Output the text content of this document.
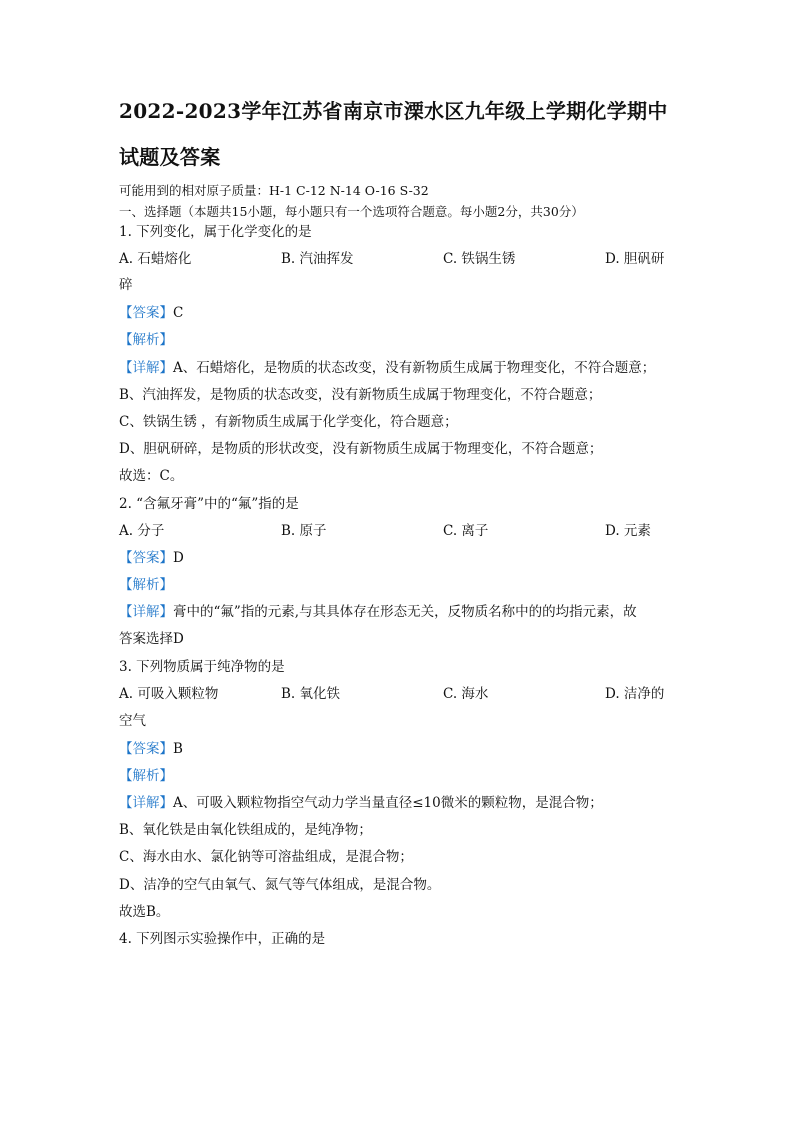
2022-2023学年江苏省南京市溧水区九年级上学期化学期中
试题及答案
可能用到的相对原子质量：H-1 C-12 N-14 O-16 S-32
一、选择题（本题共15小题，每小题只有一个选项符合题意。每小题2分，共30分）
1. 下列变化，属于化学变化的是
A. 石蜡熔化	B. 汽油挥发	C. 铁锅生锈	D. 胆矾研
碎
【答案】C
【解析】
【详解】A、石蜡熔化，是物质的状态改变，没有新物质生成属于物理变化，不符合题意；
B、汽油挥发，是物质的状态改变，没有新物质生成属于物理变化，不符合题意；
C、铁锅生锈 ，有新物质生成属于化学变化，符合题意；
D、胆矾研碎，是物质的形状改变，没有新物质生成属于物理变化，不符合题意；
故选：C。
2. “含氟牙膏”中的“氟”指的是
A. 分子	B. 原子	C. 离子	D. 元素
【答案】D
【解析】
【详解】膏中的“氟”指的元素,与其具体存在形态无关，反物质名称中的的均指元素，故
答案选择D
3. 下列物质属于纯净物的是
A. 可吸入颗粒物	B. 氧化铁	C. 海水	D. 洁净的
空气
【答案】B
【解析】
【详解】A、可吸入颗粒物指空气动力学当量直径≤10微米的颗粒物，是混合物；
B、氧化铁是由氧化铁组成的，是纯净物；
C、海水由水、氯化钠等可溶盐组成，是混合物；
D、洁净的空气由氧气、氮气等气体组成，是混合物。
故选B。
4. 下列图示实验操作中，正确的是
